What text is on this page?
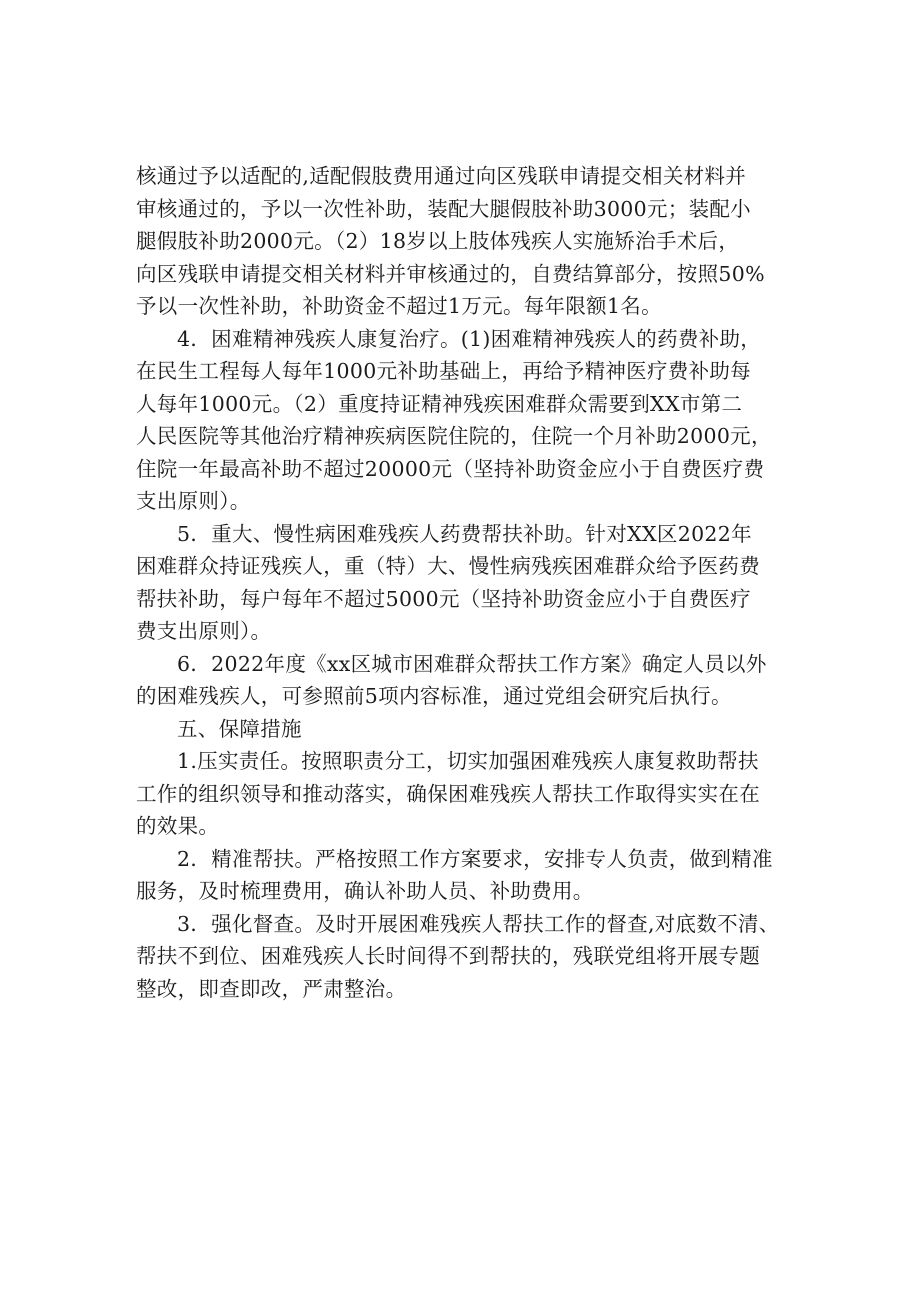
核通过予以适配的,适配假肢费用通过向区残联申请提交相关材料并
审核通过的，予以一次性补助，装配大腿假肢补助3000元；装配小
腿假肢补助2000元。（2）18岁以上肢体残疾人实施矫治手术后，
向区残联申请提交相关材料并审核通过的，自费结算部分，按照50%
予以一次性补助，补助资金不超过1万元。每年限额1名。
4．困难精神残疾人康复治疗。(1)困难精神残疾人的药费补助，
在民生工程每人每年1000元补助基础上，再给予精神医疗费补助每
人每年1000元。（2）重度持证精神残疾困难群众需要到XX市第二
人民医院等其他治疗精神疾病医院住院的，住院一个月补助2000元，
住院一年最高补助不超过20000元（坚持补助资金应小于自费医疗费
支出原则）。
5．重大、慢性病困难残疾人药费帮扶补助。针对XX区2022年
困难群众持证残疾人，重（特）大、慢性病残疾困难群众给予医药费
帮扶补助，每户每年不超过5000元（坚持补助资金应小于自费医疗
费支出原则）。
6．2022年度《xx区城市困难群众帮扶工作方案》确定人员以外
的困难残疾人，可参照前5项内容标准，通过党组会研究后执行。
五、保障措施
1.压实责任。按照职责分工，切实加强困难残疾人康复救助帮扶
工作的组织领导和推动落实，确保困难残疾人帮扶工作取得实实在在
的效果。
2．精准帮扶。严格按照工作方案要求，安排专人负责，做到精准
服务，及时梳理费用，确认补助人员、补助费用。
3．强化督查。及时开展困难残疾人帮扶工作的督查,对底数不清、
帮扶不到位、困难残疾人长时间得不到帮扶的，残联党组将开展专题
整改，即查即改，严肃整治。
